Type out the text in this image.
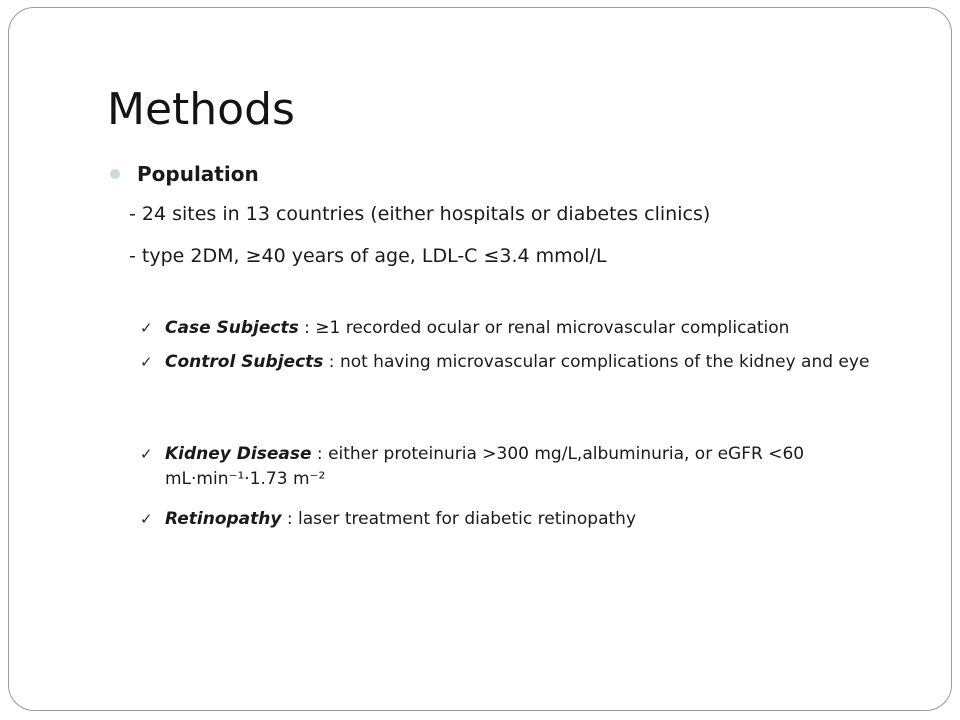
Methods
Population
- 24 sites in 13 countries (either hospitals or diabetes clinics)
- type 2DM, ≥40 years of age, LDL-C ≤3.4 mmol/L
✓ Case Subjects : ≥1 recorded ocular or renal microvascular complication
✓ Control Subjects : not having microvascular complications of the kidney and eye
✓ Kidney Disease : either proteinuria >300 mg/L,albuminuria, or eGFR <60 mL·min⁻¹·1.73 m⁻²
✓ Retinopathy : laser treatment for diabetic retinopathy
